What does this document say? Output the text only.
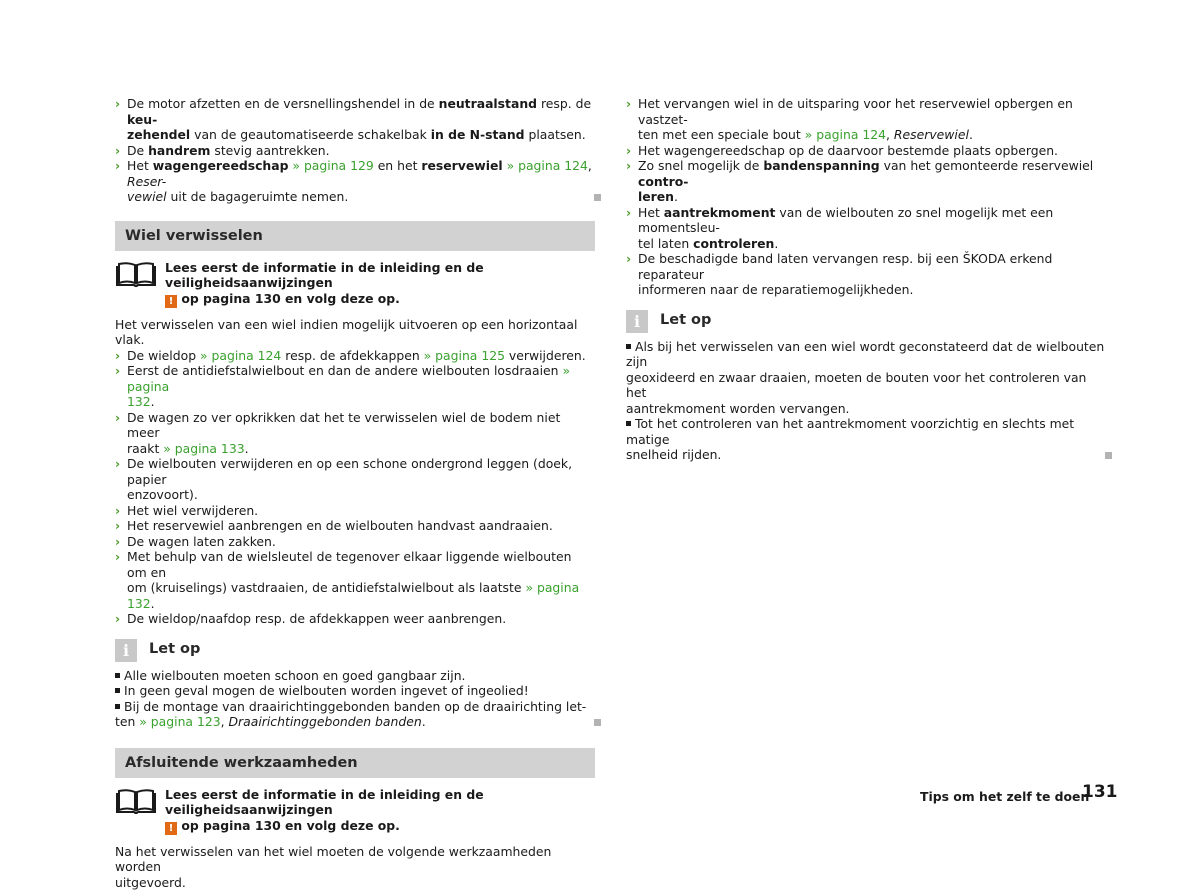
› De motor afzetten en de versnellingshendel in de neutraalstand resp. de keu-
zehendel van de geautomatiseerde schakelbak in de N-stand plaatsen.
› De handrem stevig aantrekken.
› Het wagengereedschap » pagina 129 en het reservewiel » pagina 124, Reser-
vewiel uit de bagageruimte nemen.
Wiel verwisselen
Lees eerst de informatie in de inleiding en de veiligheidsaanwijzingen
! op pagina 130 en volg deze op.

Het verwisselen van een wiel indien mogelijk uitvoeren op een horizontaal vlak.

› De wieldop » pagina 124 resp. de afdekkappen » pagina 125 verwijderen.
› Eerst de antidiefstalwielbout en dan de andere wielbouten losdraaien » pagina
132.
› De wagen zo ver opkrikken dat het te verwisselen wiel de bodem niet meer
raakt » pagina 133.
› De wielbouten verwijderen en op een schone ondergrond leggen (doek, papier
enzovoort).
› Het wiel verwijderen.
› Het reservewiel aanbrengen en de wielbouten handvast aandraaien.
› De wagen laten zakken.
› Met behulp van de wielsleutel de tegenover elkaar liggende wielbouten om en
om (kruiselings) vastdraaien, de antidiefstalwielbout als laatste » pagina 132.
› De wieldop/naafdop resp. de afdekkappen weer aanbrengen.
i	Let op

Alle wielbouten moeten schoon en goed gangbaar zijn.

In geen geval mogen de wielbouten worden ingevet of ingeolied!

Bij de montage van draairichtinggebonden banden op de draairichting let-
ten » pagina 123, Draairichtinggebonden banden.

Afsluitende werkzaamheden
Lees eerst de informatie in de inleiding en de veiligheidsaanwijzingen
! op pagina 130 en volg deze op.

Na het verwisselen van het wiel moeten de volgende werkzaamheden worden
uitgevoerd.

› Het vervangen wiel in de uitsparing voor het reservewiel opbergen en vastzet-
ten met een speciale bout » pagina 124, Reservewiel.
› Het wagengereedschap op de daarvoor bestemde plaats opbergen.
› Zo snel mogelijk de bandenspanning van het gemonteerde reservewiel contro-
leren.
› Het aantrekmoment van de wielbouten zo snel mogelijk met een momentsleu-
tel laten controleren.
› De beschadigde band laten vervangen resp. bij een ŠKODA erkend reparateur
informeren naar de reparatiemogelijkheden.
i	Let op

Als bij het verwisselen van een wiel wordt geconstateerd dat de wielbouten zijn
geoxideerd en zwaar draaien, moeten de bouten voor het controleren van het
aantrekmoment worden vervangen.

Tot het controleren van het aantrekmoment voorzichtig en slechts met matige
snelheid rijden.

Tips om het zelf te doen
131
